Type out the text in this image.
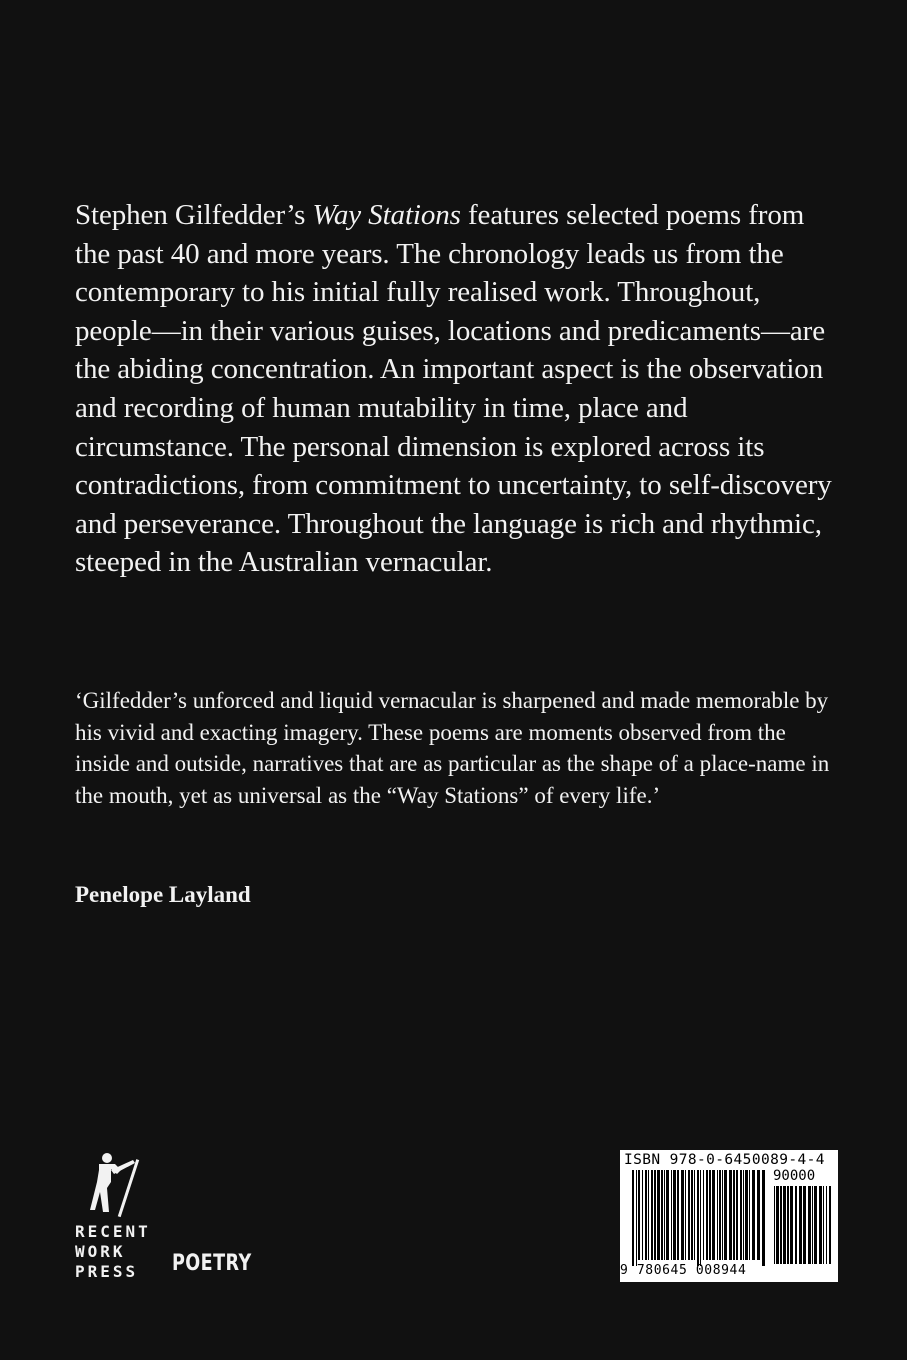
Stephen Gilfedder’s Way Stations features selected poems from the past 40 and more years. The chronology leads us from the contemporary to his initial fully realised work. Throughout, people—in their various guises, locations and predicaments—are the abiding concentration. An important aspect is the observation and recording of human mutability in time, place and circumstance. The personal dimension is explored across its contradictions, from commitment to uncertainty, to self-discovery and perseverance. Throughout the language is rich and rhythmic, steeped in the Australian vernacular.

‘Gilfedder’s unforced and liquid vernacular is sharpened and made memorable by his vivid and exacting imagery. These poems are moments observed from the inside and outside, narratives that are as particular as the shape of a place-name in the mouth, yet as universal as the “Way Stations” of every life.’

Penelope Layland

RECENT
WORK
PRESS POETRY
ISBN 978-0-6450089-4-4
90000
9 780645 008944
